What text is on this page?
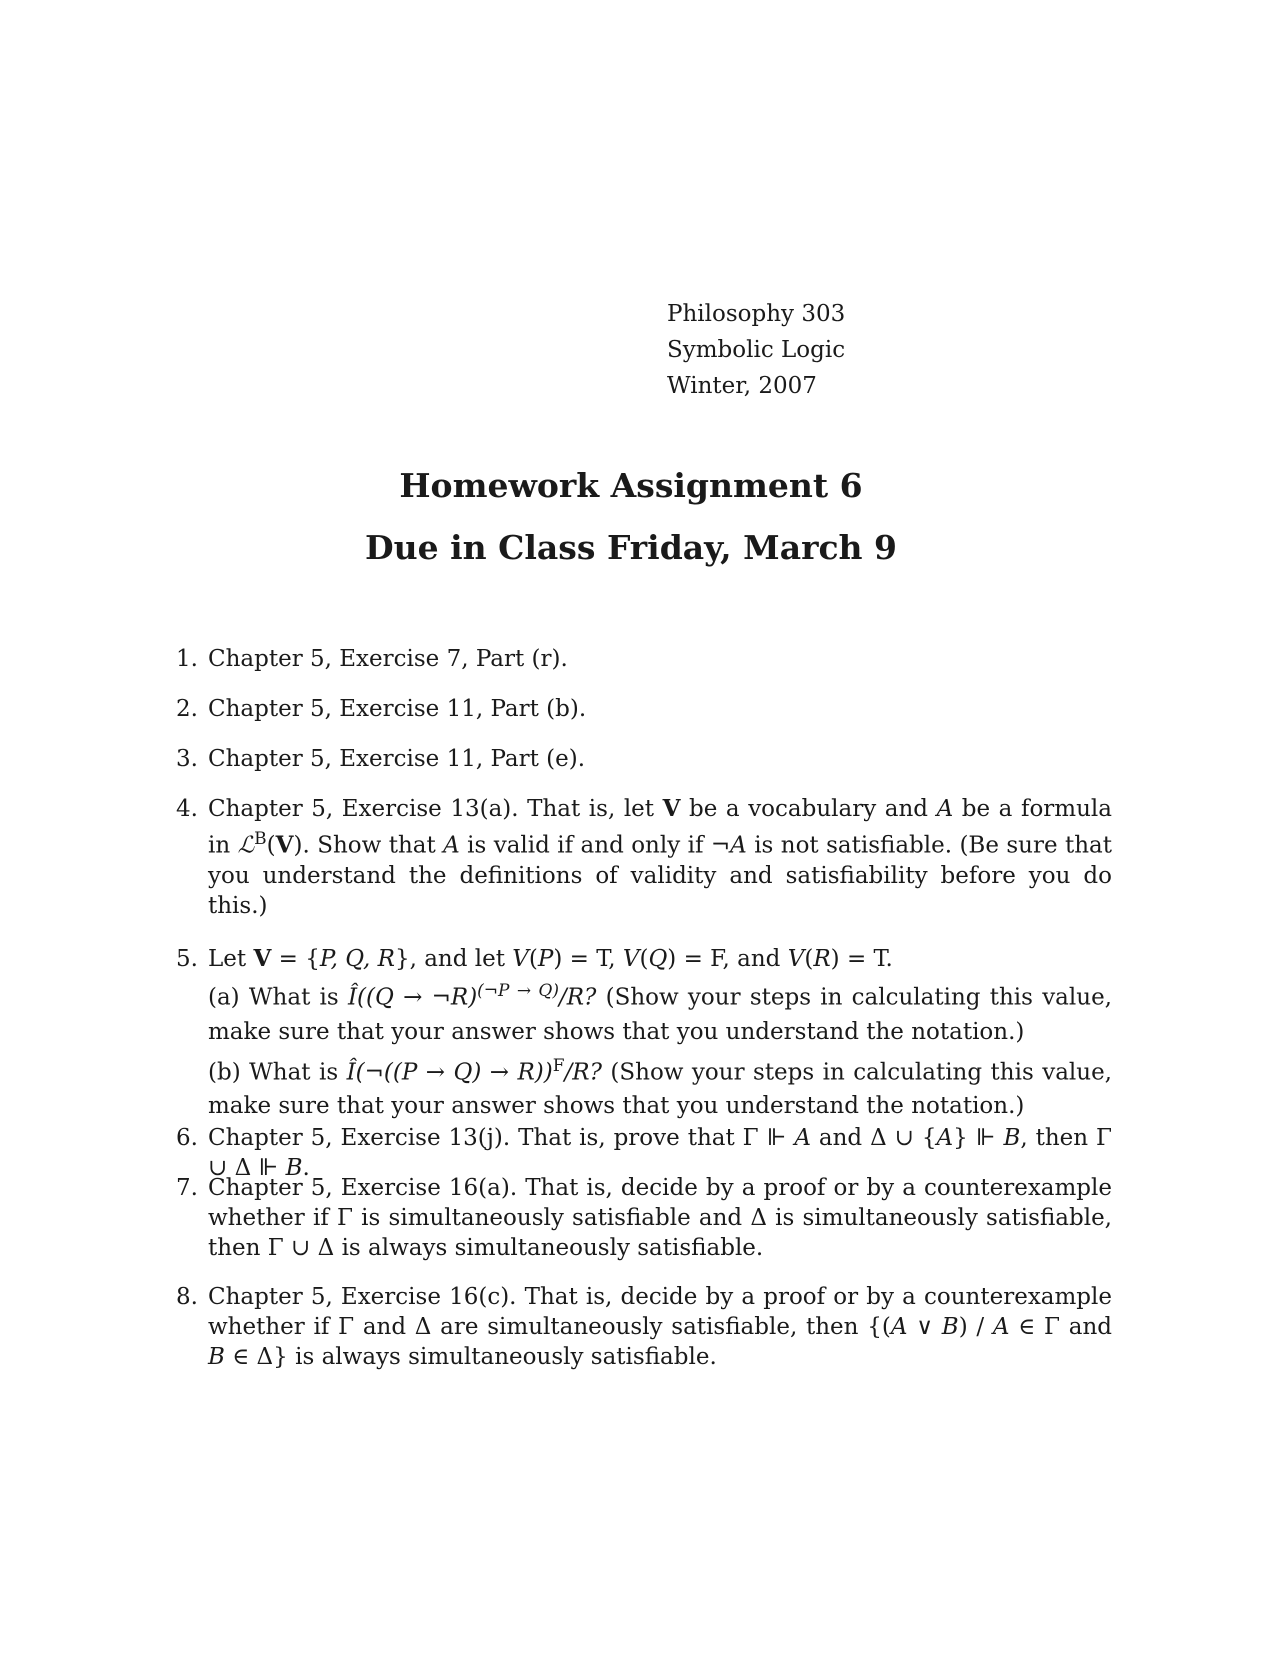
Philosophy 303
Symbolic Logic
Winter, 2007
Homework Assignment 6
Due in Class Friday, March 9
1. Chapter 5, Exercise 7, Part (r).
2. Chapter 5, Exercise 11, Part (b).
3. Chapter 5, Exercise 11, Part (e).
4. Chapter 5, Exercise 13(a). That is, let V be a vocabulary and A be a formula in ℒ$^B$(V). Show that A is valid if and only if ¬A is not satisfiable. (Be sure that you understand the definitions of validity and satisfiability before you do this.)
5. Let V = {P, Q, R}, and let V(P) = T, V(Q) = F, and V(R) = T.
(a) What is Î((Q → ¬R)$^{(\neg P \to Q)}$/R? (Show your steps in calculating this value, make sure that your answer shows that you understand the notation.)
(b) What is Î(¬((P → Q) → R))$^F$/R? (Show your steps in calculating this value, make sure that your answer shows that you understand the notation.)
6. Chapter 5, Exercise 13(j). That is, prove that Γ ⊩ A and Δ ∪ {A} ⊩ B, then Γ ∪ Δ ⊩ B.
7. Chapter 5, Exercise 16(a). That is, decide by a proof or by a counterexample whether if Γ is simultaneously satisfiable and Δ is simultaneously satisfiable, then Γ ∪ Δ is always simultaneously satisfiable.
8. Chapter 5, Exercise 16(c). That is, decide by a proof or by a counterexample whether if Γ and Δ are simultaneously satisfiable, then {(A ∨ B) / A ∈ Γ and B ∈ Δ} is always simultaneously satisfiable.
